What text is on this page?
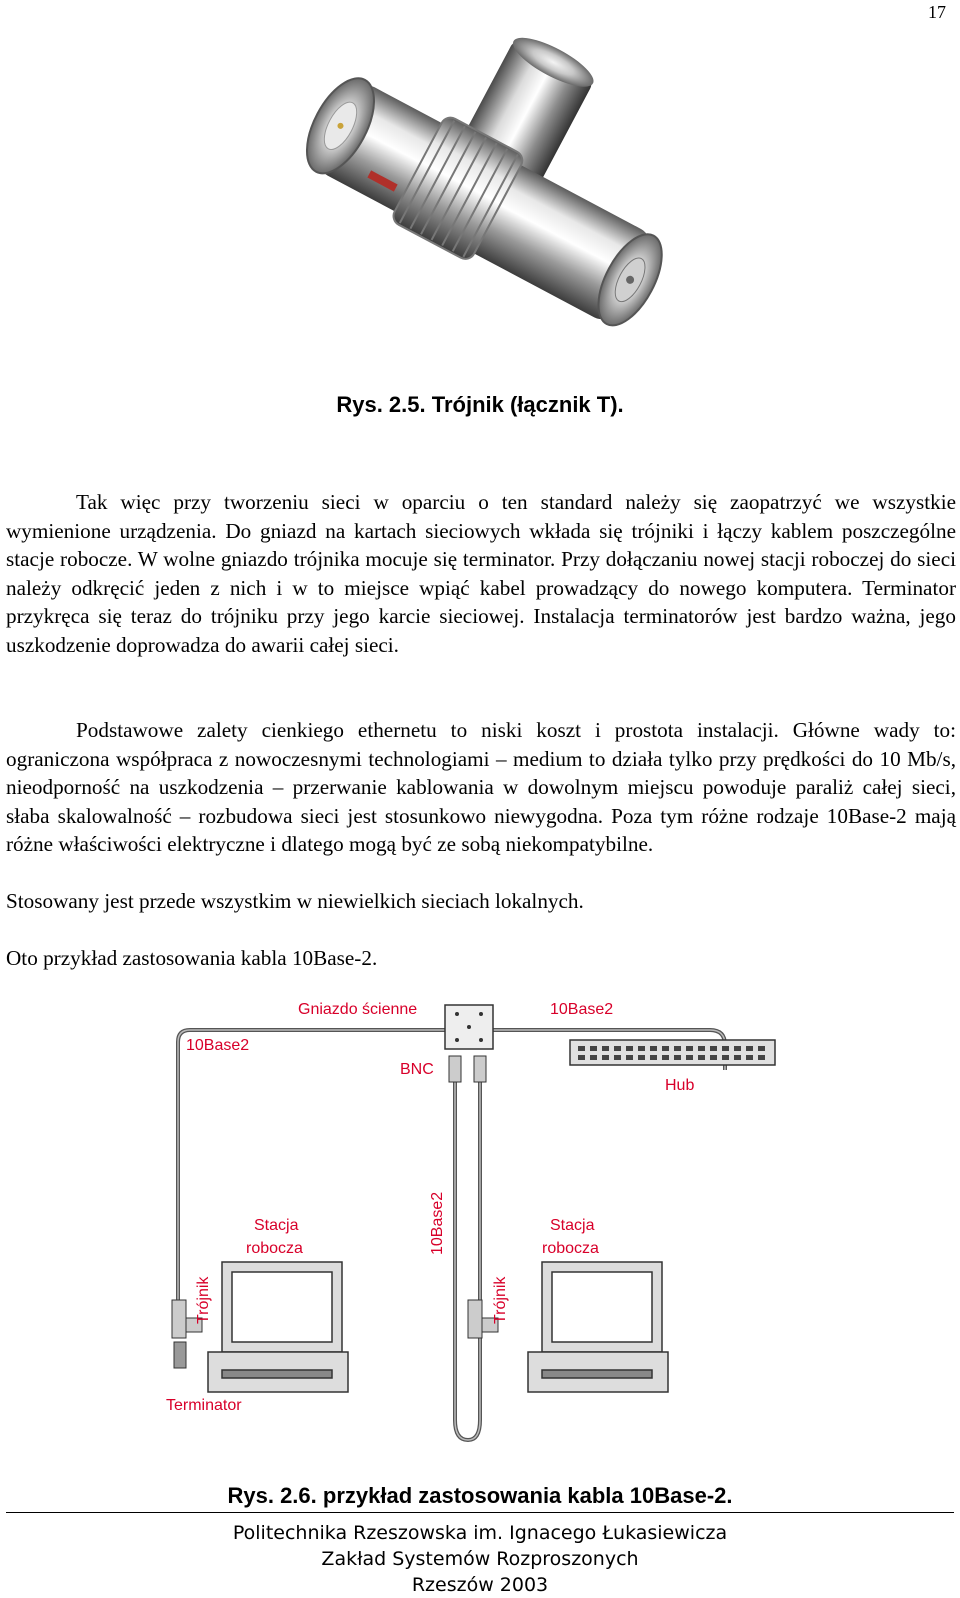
17
Rys. 2.5. Trójnik (łącznik T).

Tak więc przy tworzeniu sieci w oparciu o ten standard należy się zaopatrzyć we wszystkie wymienione urządzenia. Do gniazd na kartach sieciowych wkłada się trójniki i łączy kablem poszczególne stacje robocze. W wolne gniazdo trójnika mocuje się terminator. Przy dołączaniu nowej stacji roboczej do sieci należy odkręcić jeden z nich i w to miejsce wpiąć kabel prowadzący do nowego komputera. Terminator przykręca się teraz do trójniku przy jego karcie sieciowej. Instalacja terminatorów jest bardzo ważna, jego uszkodzenie doprowadza do awarii całej sieci.

Podstawowe zalety cienkiego ethernetu to niski koszt i prostota instalacji. Główne wady to: ograniczona współpraca z nowoczesnymi technologiami – medium to działa tylko przy prędkości do 10 Mb/s, nieodporność na uszkodzenia – przerwanie kablowania w dowolnym miejscu powoduje paraliż całej sieci, słaba skalowalność – rozbudowa sieci jest stosunkowo niewygodna. Poza tym różne rodzaje 10Base-2 mają różne właściwości elektryczne i dlatego mogą być ze sobą niekompatybilne.

Stosowany jest przede wszystkim w niewielkich sieciach lokalnych.

Oto przykład zastosowania kabla 10Base-2.

Gniazdo ścienne	10Base2
10Base2
BNC
Hub
10Base2
Stacja
robocza
Stacja
robocza
Trójnik	Trójnik
Terminator
Rys. 2.6. przykład zastosowania kabla 10Base-2.
Politechnika Rzeszowska im. Ignacego Łukasiewicza
Zakład Systemów Rozproszonych
Rzeszów 2003
